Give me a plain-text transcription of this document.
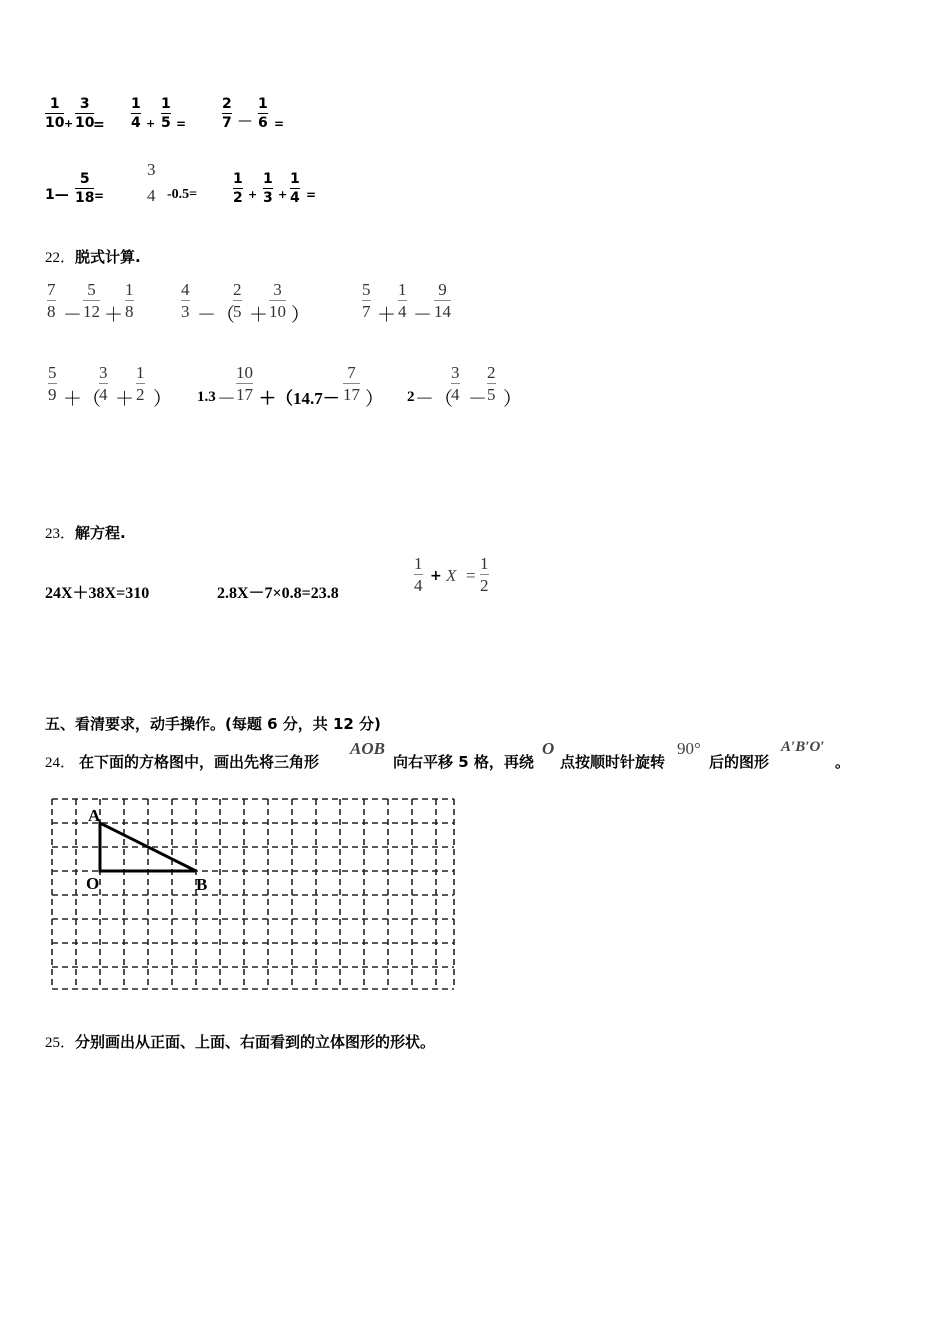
1
10 +
3
10
=
1
4 +
1
5 =
2
7 —
1
6 =
1—
5
18 =
3
4 -0.5=
1
2 +
1
3 +
1
4 =
22．脱式计算.
7
8 －
5
12 ＋
1
8
4
3 －（
2
5 ＋
3
10 ）
5
7 ＋
1
4 －
9
14
5
9 ＋（
3
4 ＋
1
2 ） 1.3 －
10
17 ＋（14.7－
7
17 ） 2 －（
3
4 －
2
5 ）
23．解方程.
24X＋38X=310	2.8X－7×0.8=23.8
1
4 + X =
1
2
五、看清要求，动手操作。(每题 6 分，共 12 分)
24． 在下面的方格图中，画出先将三角形
AOB
向右平移 5 格，再绕
O
点按顺时针旋转
90°
后的图形
A′B′O′
。
A
O	B
25．分别画出从正面、上面、右面看到的立体图形的形状。
